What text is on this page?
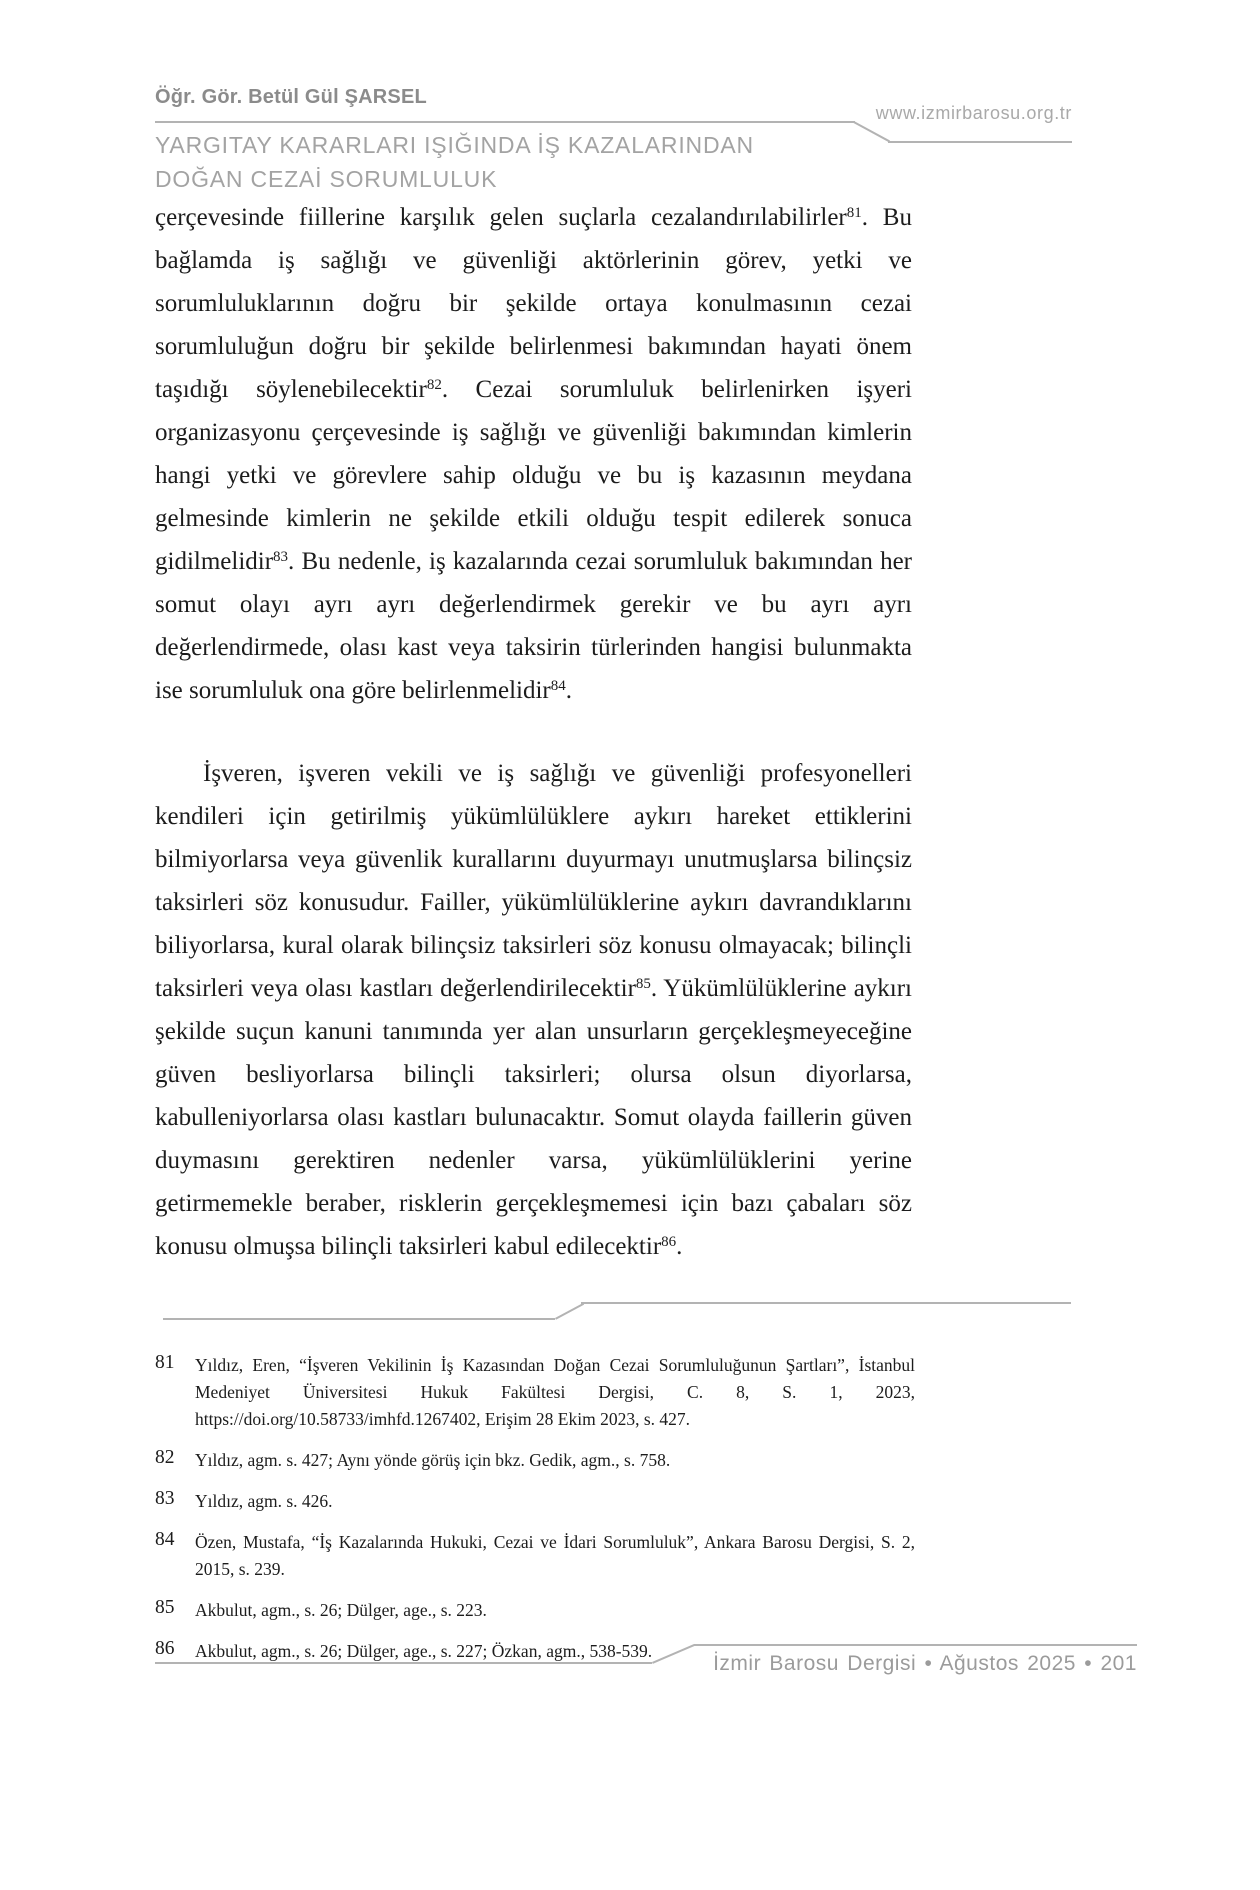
Öğr. Gör. Betül Gül ŞARSEL
www.izmirbarosu.org.tr
YARGITAY KARARLARI IŞIĞINDA İŞ KAZALARINDAN
DOĞAN CEZAİ SORUMLULUK

çerçevesinde fiillerine karşılık gelen suçlarla cezalandırılabilirler$^{81}$. Bu bağlamda iş sağlığı ve güvenliği aktörlerinin görev, yetki ve sorumluluklarının doğru bir şekilde ortaya konulmasının cezai sorumluluğun doğru bir şekilde belirlenmesi bakımından hayati önem taşıdığı söylenebilecektir$^{82}$. Cezai sorumluluk belirlenirken işyeri organizasyonu çerçevesinde iş sağlığı ve güvenliği bakımından kimlerin hangi yetki ve görevlere sahip olduğu ve bu iş kazasının meydana gelmesinde kimlerin ne şekilde etkili olduğu tespit edilerek sonuca gidilmelidir$^{83}$. Bu nedenle, iş kazalarında cezai sorumluluk bakımından her somut olayı ayrı ayrı değerlendirmek gerekir ve bu ayrı ayrı değerlendirmede, olası kast veya taksirin türlerinden hangisi bulunmakta ise sorumluluk ona göre belirlenmelidir$^{84}$.

İşveren, işveren vekili ve iş sağlığı ve güvenliği profesyonelleri kendileri için getirilmiş yükümlülüklere aykırı hareket ettiklerini bilmiyorlarsa veya güvenlik kurallarını duyurmayı unutmuşlarsa bilinçsiz taksirleri söz konusudur. Failler, yükümlülüklerine aykırı davrandıklarını biliyorlarsa, kural olarak bilinçsiz taksirleri söz konusu olmayacak; bilinçli taksirleri veya olası kastları değerlendirilecektir$^{85}$. Yükümlülüklerine aykırı şekilde suçun kanuni tanımında yer alan unsurların gerçekleşmeyeceğine güven besliyorlarsa bilinçli taksirleri; olursa olsun diyorlarsa, kabulleniyorlarsa olası kastları bulunacaktır. Somut olayda faillerin güven duymasını gerektiren nedenler varsa, yükümlülüklerini yerine getirmemekle beraber, risklerin gerçekleşmemesi için bazı çabaları söz konusu olmuşsa bilinçli taksirleri kabul edilecektir$^{86}$.

81	Yıldız, Eren, “İşveren Vekilinin İş Kazasından Doğan Cezai Sorumluluğunun Şartları”, İstanbul Medeniyet Üniversitesi Hukuk Fakültesi Dergisi, C. 8, S. 1, 2023, https://doi.org/10.58733/imhfd.1267402, Erişim 28 Ekim 2023, s. 427.
82	Yıldız, agm. s. 427; Aynı yönde görüş için bkz. Gedik, agm., s. 758.
83	Yıldız, agm. s. 426.
84	Özen, Mustafa, “İş Kazalarında Hukuki, Cezai ve İdari Sorumluluk”, Ankara Barosu Dergisi, S. 2, 2015, s. 239.
85	Akbulut, agm., s. 26; Dülger, age., s. 223.
86	Akbulut, agm., s. 26; Dülger, age., s. 227; Özkan, agm., 538-539.
İzmir Barosu Dergisi • Ağustos 2025 • 201
